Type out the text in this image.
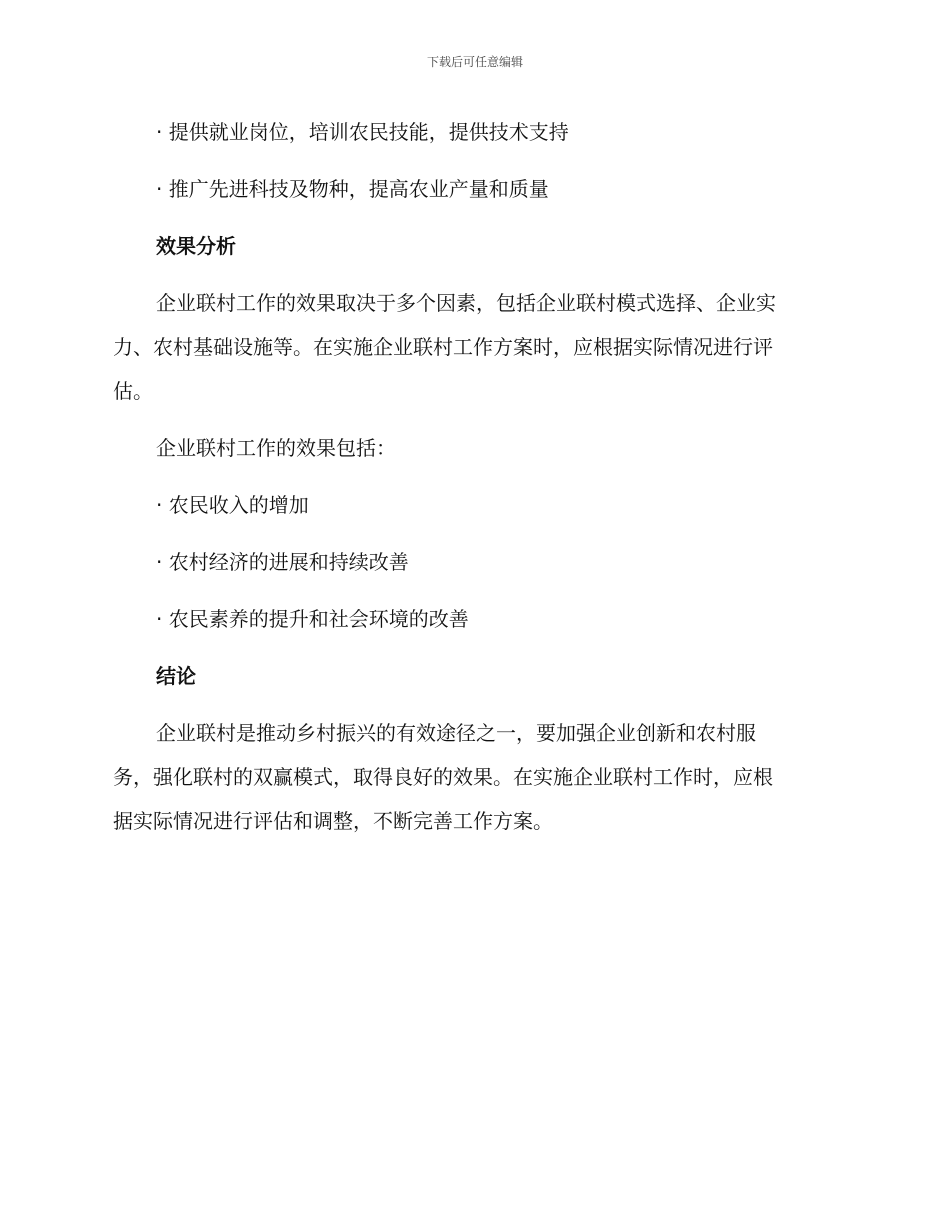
下载后可任意编辑

· 提供就业岗位，培训农民技能，提供技术支持

· 推广先进科技及物种，提高农业产量和质量

效果分析

企业联村工作的效果取决于多个因素，包括企业联村模式选择、企业实
力、农村基础设施等。在实施企业联村工作方案时，应根据实际情况进行评
估。
企业联村工作的效果包括：

· 农民收入的增加

· 农村经济的进展和持续改善

· 农民素养的提升和社会环境的改善

结论

企业联村是推动乡村振兴的有效途径之一，要加强企业创新和农村服
务，强化联村的双赢模式，取得良好的效果。在实施企业联村工作时，应根
据实际情况进行评估和调整，不断完善工作方案。
